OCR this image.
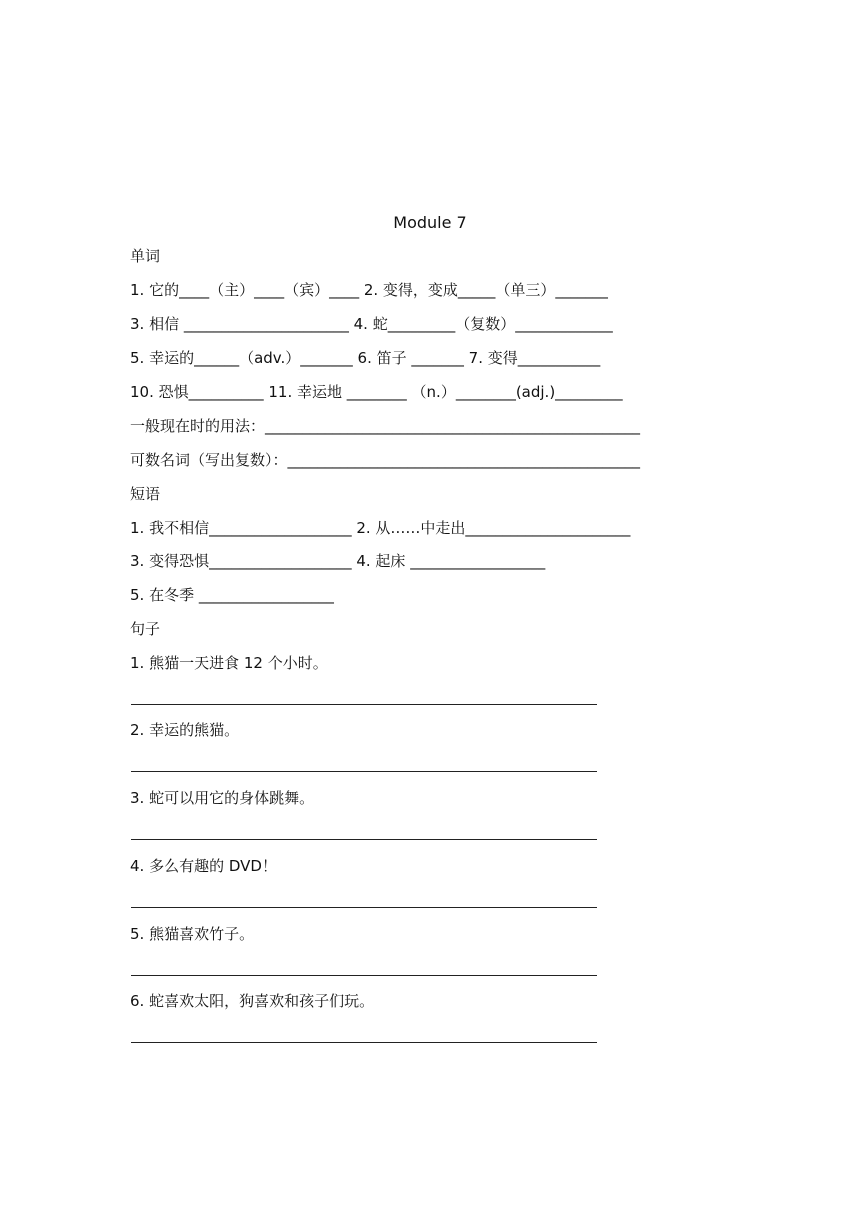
Module 7
单词
1. 它的____（主）____（宾）____ 2. 变得，变成_____（单三）_______
3. 相信 ______________________ 4. 蛇_________（复数）_____________
5. 幸运的______（adv.）_______ 6. 笛子 _______ 7. 变得___________
10. 恐惧__________ 11. 幸运地 ________ （n.）________(adj.)_________
一般现在时的用法：__________________________________________________
可数名词（写出复数）：_______________________________________________
短语
1. 我不相信___________________ 2. 从……中走出______________________
3. 变得恐惧___________________ 4. 起床 __________________
5. 在冬季 __________________
句子
1. 熊猫一天进食 12 个小时。
2. 幸运的熊猫。
3. 蛇可以用它的身体跳舞。
4. 多么有趣的 DVD！
5. 熊猫喜欢竹子。
6. 蛇喜欢太阳，狗喜欢和孩子们玩。
